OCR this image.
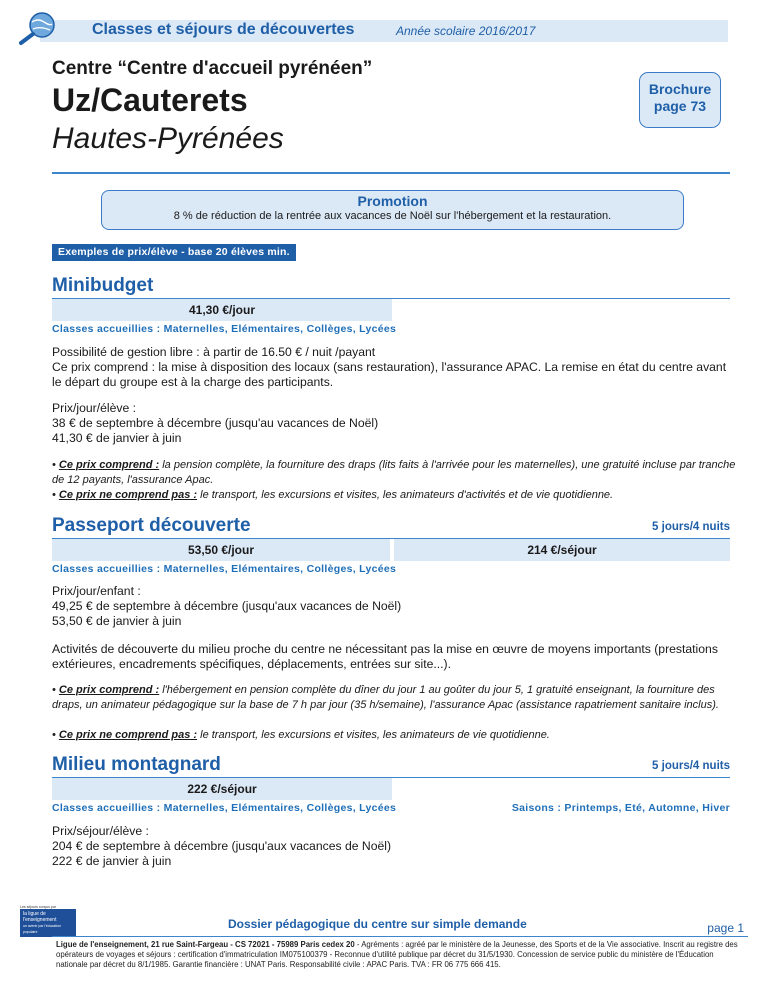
Classes et séjours de découvertes	Année scolaire 2016/2017
Centre “Centre d'accueil pyrénéen”
Uz/Cauterets
Hautes-Pyrénées
Brochure
page 73
Promotion
8 % de réduction de la rentrée aux vacances de Noël sur l'hébergement et la restauration.
Exemples de prix/élève - base 20 élèves min.
Minibudget
41,30 €/jour
Classes accueillies : Maternelles, Elémentaires, Collèges, Lycées
Possibilité de gestion libre : à partir de 16.50 € / nuit /payant
Ce prix comprend : la mise à disposition des locaux (sans restauration), l'assurance APAC. La remise en état du centre avant le départ du groupe est à la charge des participants.
Prix/jour/élève :
38 € de septembre à décembre (jusqu'au vacances de Noël)
41,30 € de janvier à juin
• Ce prix comprend : la pension complète, la fourniture des draps (lits faits à l'arrivée pour les maternelles), une gratuité incluse par tranche de 12 payants, l'assurance Apac.
• Ce prix ne comprend pas : le transport, les excursions et visites, les animateurs d'activités et de vie quotidienne.
Passeport découverte	5 jours/4 nuits
53,50 €/jour	214 €/séjour
Classes accueillies : Maternelles, Elémentaires, Collèges, Lycées
Prix/jour/enfant :
49,25 € de septembre à décembre (jusqu'aux vacances de Noël)
53,50 € de janvier à juin
Activités de découverte du milieu proche du centre ne nécessitant pas la mise en œuvre de moyens importants (prestations extérieures, encadrements spécifiques, déplacements, entrées sur site...).
• Ce prix comprend : l'hébergement en pension complète du dîner du jour 1 au goûter du jour 5, 1 gratuité enseignant, la fourniture des draps, un animateur pédagogique sur la base de 7 h par jour (35 h/semaine), l'assurance Apac (assistance rapatriement sanitaire inclus).
• Ce prix ne comprend pas : le transport, les excursions et visites, les animateurs de vie quotidienne.
Milieu montagnard	5 jours/4 nuits
222 €/séjour
Classes accueillies : Maternelles, Elémentaires, Collèges, Lycées	Saisons : Printemps, Eté, Automne, Hiver
Prix/séjour/élève :
204 € de septembre à décembre (jusqu'aux vacances de Noël)
222 € de janvier à juin
Les séjours conçus par
la ligue de
l'enseignement
un avenir par l'éducation populaire
Dossier pédagogique du centre sur simple demande	page 1
Ligue de l'enseignement, 21 rue Saint-Fargeau - CS 72021 - 75989 Paris cedex 20 - Agréments : agréé par le ministère de la Jeunesse, des Sports et de la Vie associative. Inscrit au registre des opérateurs de voyages et séjours : certification d'immatriculation IM075100379 - Reconnue d'utilité publique par décret du 31/5/1930. Concession de service public du ministère de l'Éducation nationale par décret du 8/1/1985. Garantie financière : UNAT Paris. Responsabilité civile : APAC Paris. TVA : FR 06 775 666 415.
